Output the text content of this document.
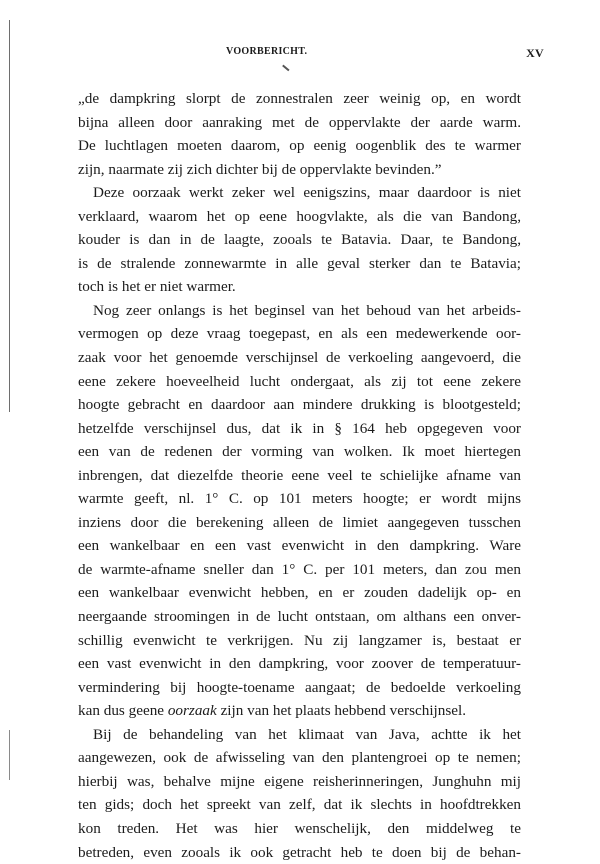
VOORBERICHT.	XV
„de dampkring slorpt de zonnestralen zeer weinig op, en wordt
bijna alleen door aanraking met de oppervlakte der aarde warm.
De luchtlagen moeten daarom, op eenig oogenblik des te warmer
zijn, naarmate zij zich dichter bij de oppervlakte bevinden.”
Deze oorzaak werkt zeker wel eenigszins, maar daardoor is niet
verklaard, waarom het op eene hoogvlakte, als die van Bandong,
kouder is dan in de laagte, zooals te Batavia. Daar, te Bandong,
is de stralende zonnewarmte in alle geval sterker dan te Batavia;
toch is het er niet warmer.
Nog zeer onlangs is het beginsel van het behoud van het arbeids-
vermogen op deze vraag toegepast, en als een medewerkende oor-
zaak voor het genoemde verschijnsel de verkoeling aangevoerd, die
eene zekere hoeveelheid lucht ondergaat, als zij tot eene zekere
hoogte gebracht en daardoor aan mindere drukking is blootgesteld;
hetzelfde verschijnsel dus, dat ik in § 164 heb opgegeven voor
een van de redenen der vorming van wolken. Ik moet hiertegen
inbrengen, dat diezelfde theorie eene veel te schielijke afname van
warmte geeft, nl. 1° C. op 101 meters hoogte; er wordt mijns
inziens door die berekening alleen de limiet aangegeven tusschen
een wankelbaar en een vast evenwicht in den dampkring. Ware
de warmte-afname sneller dan 1° C. per 101 meters, dan zou men
een wankelbaar evenwicht hebben, en er zouden dadelijk op- en
neergaande stroomingen in de lucht ontstaan, om althans een onver-
schillig evenwicht te verkrijgen. Nu zij langzamer is, bestaat er
een vast evenwicht in den dampkring, voor zoover de temperatuur-
vermindering bij hoogte-toename aangaat; de bedoelde verkoeling
kan dus geene oorzaak zijn van het plaats hebbend verschijnsel.
Bij de behandeling van het klimaat van Java, achtte ik het
aangewezen, ook de afwisseling van den plantengroei op te nemen;
hierbij was, behalve mijne eigene reisherinneringen, Junghuhn mij
ten gids; doch het spreekt van zelf, dat ik slechts in hoofdtrekken
kon treden. Het was hier wenschelijk, den middelweg te
betreden, even zooals ik ook getracht heb te doen bij de behan-
